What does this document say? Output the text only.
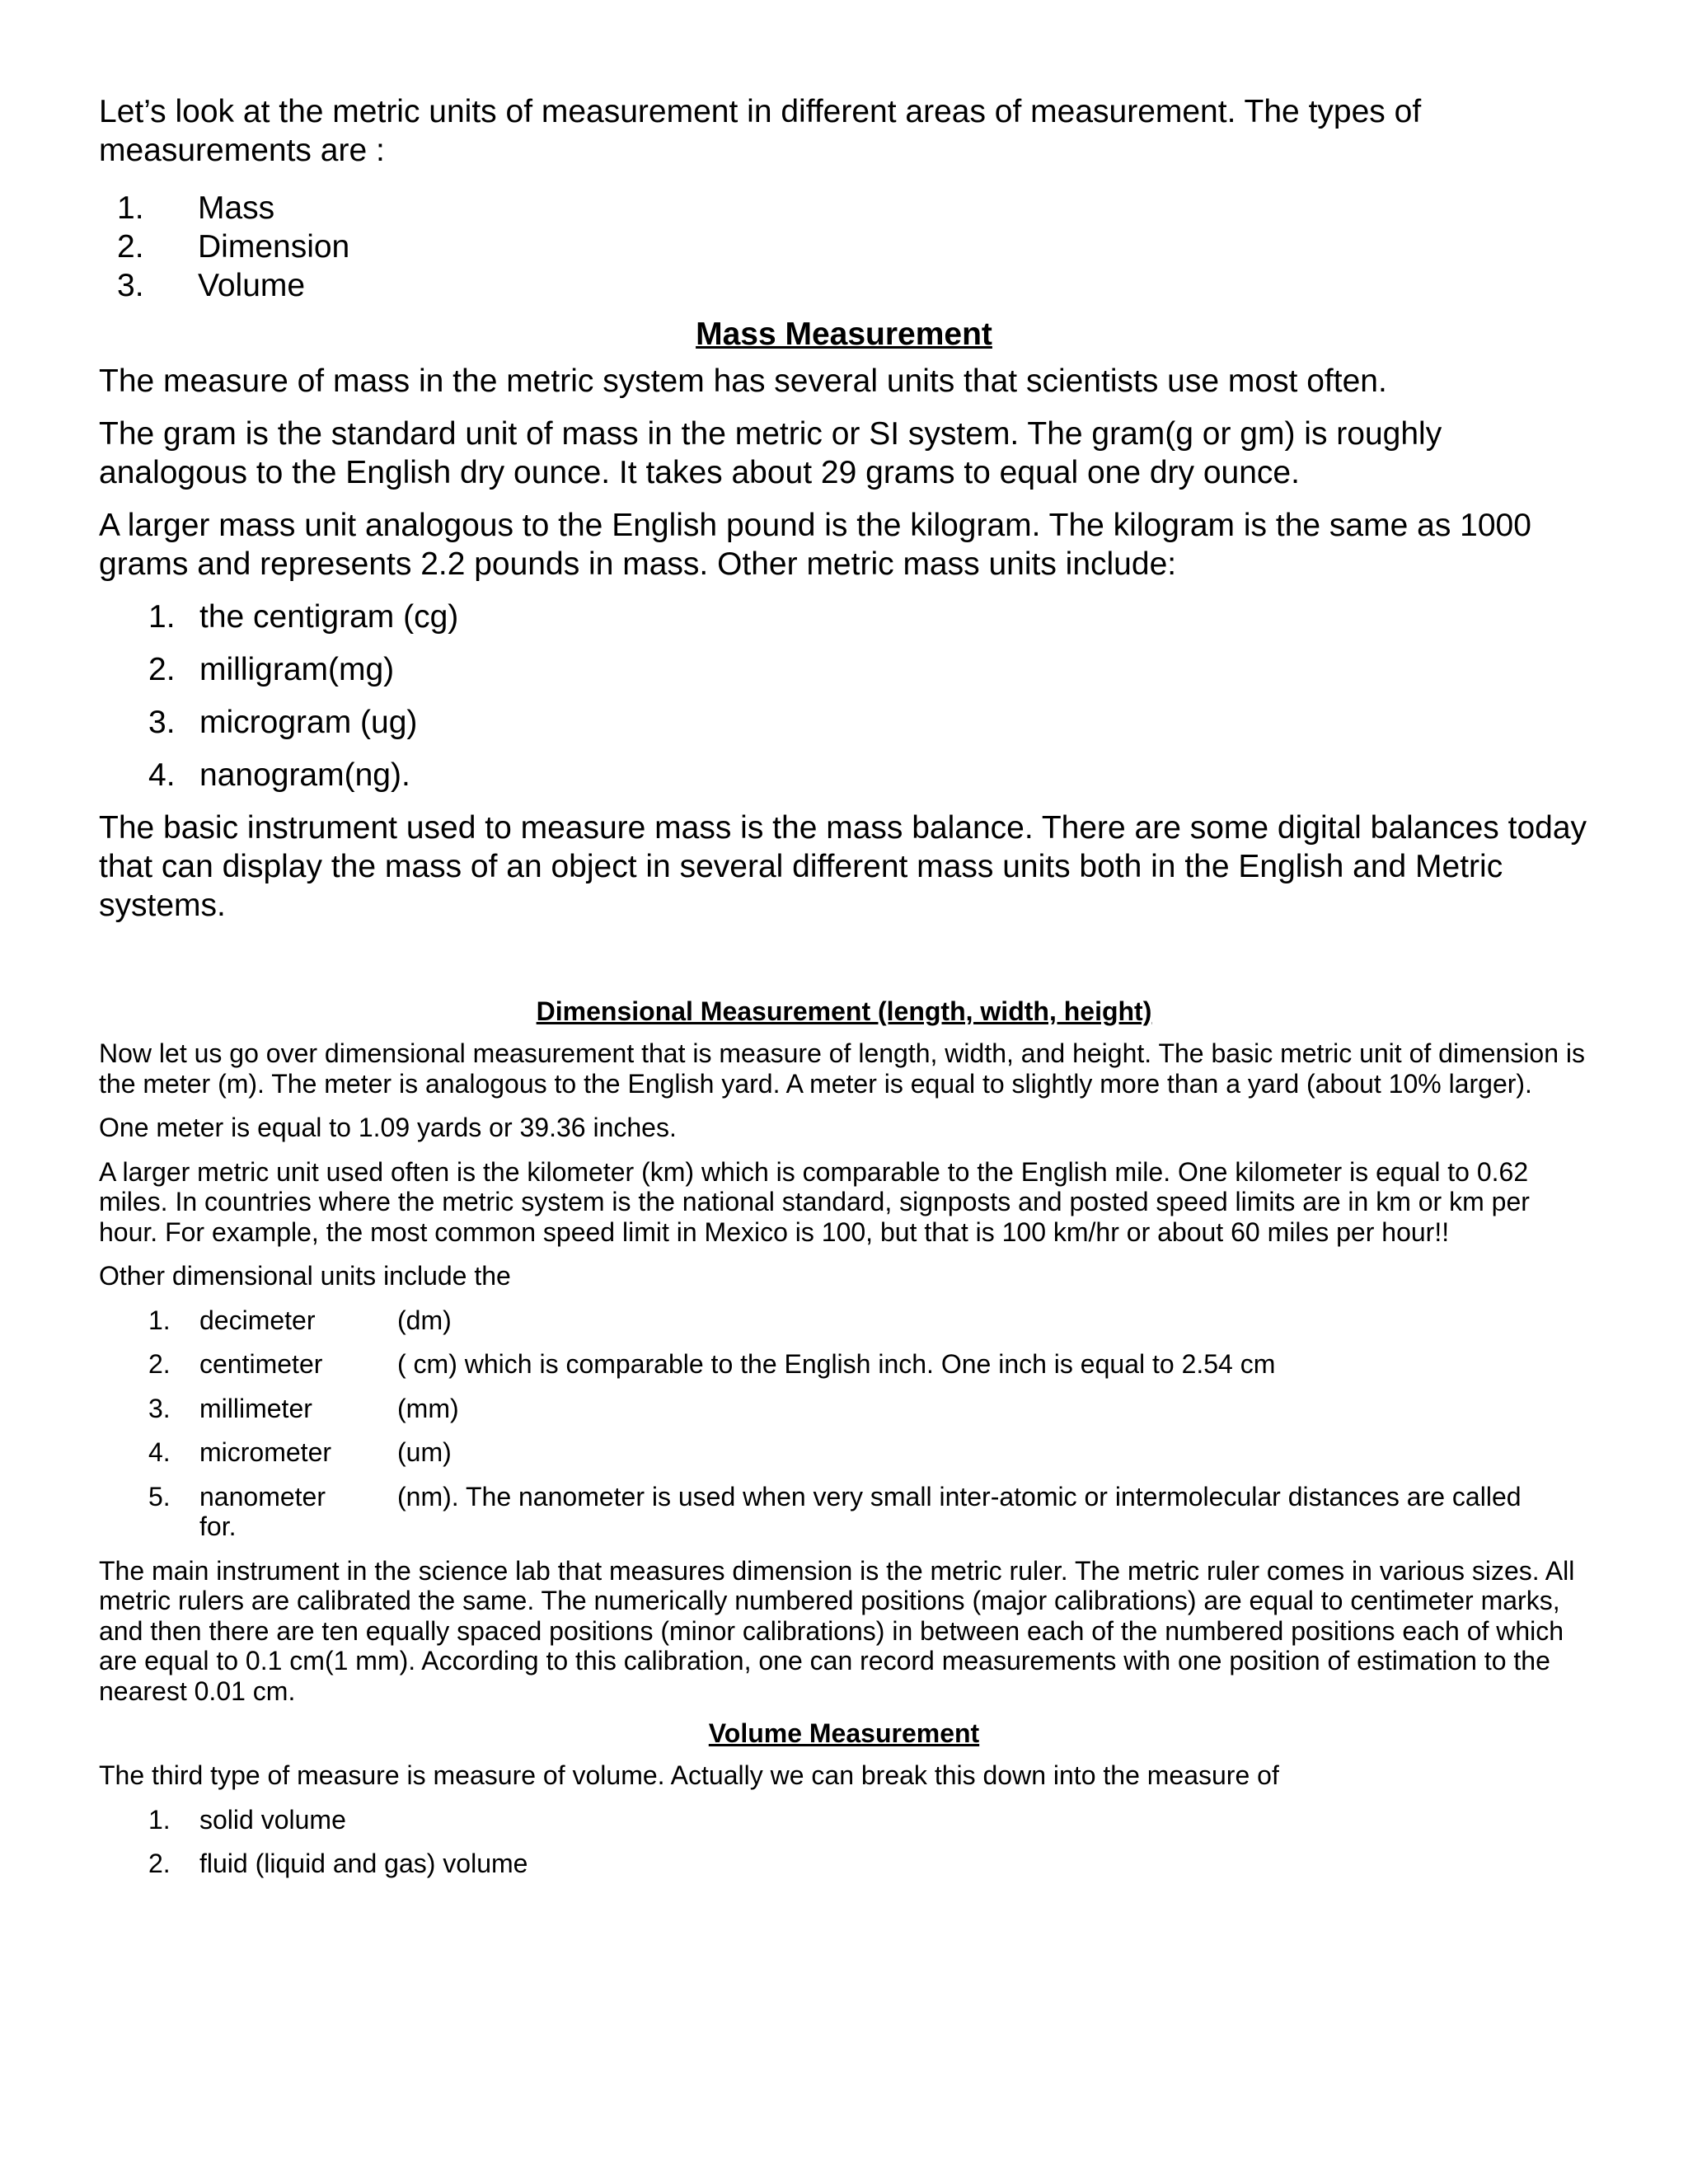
Let’s look at the metric units of measurement in different areas of measurement. The types of measurements are :

1.	Mass
2.	Dimension
3.	Volume
Mass Measurement

The measure of mass in the metric system has several units that scientists use most often.

The gram is the standard unit of mass in the metric or SI system. The gram(g or gm) is roughly analogous to the English dry ounce. It takes about 29 grams to equal one dry ounce.

A larger mass unit analogous to the English pound is the kilogram. The kilogram is the same as 1000 grams and represents 2.2 pounds in mass. Other metric mass units include:

1. the centigram (cg)
2. milligram(mg)
3. microgram (ug)
4. nanogram(ng).

The basic instrument used to measure mass is the mass balance. There are some digital balances today that can display the mass of an object in several different mass units both in the English and Metric systems.

Dimensional Measurement (length, width, height)

Now let us go over dimensional measurement that is measure of length, width, and height. The basic metric unit of dimension is the meter (m). The meter is analogous to the English yard. A meter is equal to slightly more than a yard (about 10% larger).

One meter is equal to 1.09 yards or 39.36 inches.

A larger metric unit used often is the kilometer (km) which is comparable to the English mile. One kilometer is equal to 0.62 miles. In countries where the metric system is the national standard, signposts and posted speed limits are in km or km per hour. For example, the most common speed limit in Mexico is 100, but that is 100 km/hr or about 60 miles per hour!!

Other dimensional units include the

1.	decimeter	(dm)
2.	centimeter	( cm) which is comparable to the English inch. One inch is equal to 2.54 cm
3.	millimeter	(mm)
4.	micrometer	(um)
5.	nanometer	(nm). The nanometer is used when very small inter-atomic or intermolecular distances are called
for.

The main instrument in the science lab that measures dimension is the metric ruler. The metric ruler comes in various sizes. All metric rulers are calibrated the same. The numerically numbered positions (major calibrations) are equal to centimeter marks, and then there are ten equally spaced positions (minor calibrations) in between each of the numbered positions each of which are equal to 0.1 cm(1 mm). According to this calibration, one can record measurements with one position of estimation to the nearest 0.01 cm.

Volume Measurement

The third type of measure is measure of volume. Actually we can break this down into the measure of

1.	solid volume
2.	fluid (liquid and gas) volume
